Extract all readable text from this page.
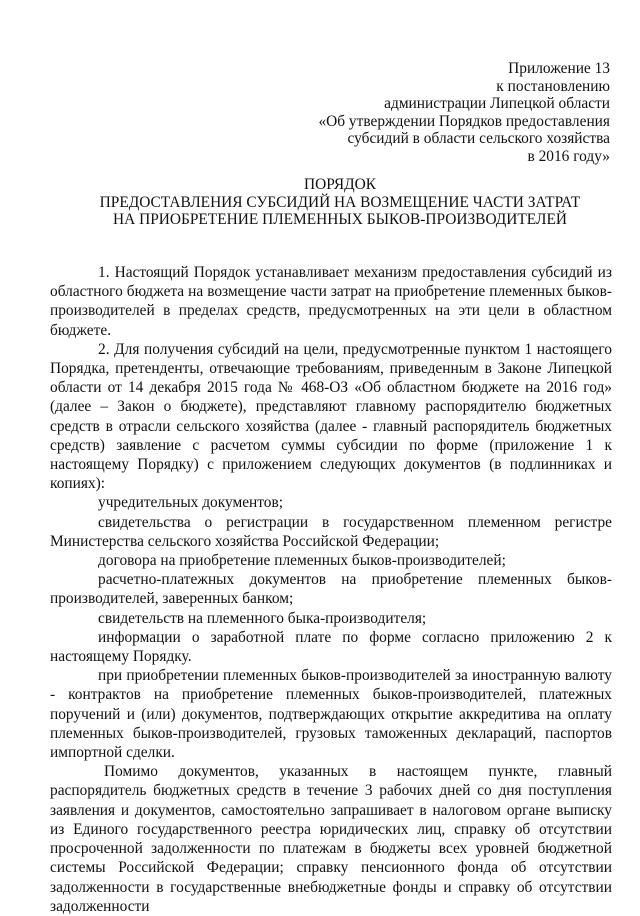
Приложение 13
к постановлению
администрации Липецкой области
«Об утверждении Порядков предоставления
субсидий в области сельского хозяйства
в 2016 году»
ПОРЯДОК
ПРЕДОСТАВЛЕНИЯ СУБСИДИЙ НА ВОЗМЕЩЕНИЕ ЧАСТИ ЗАТРАТ
НА ПРИОБРЕТЕНИЕ ПЛЕМЕННЫХ БЫКОВ-ПРОИЗВОДИТЕЛЕЙ

1. Настоящий Порядок устанавливает механизм предоставления субсидий из областного бюджета на возмещение части затрат на приобретение племенных быков-производителей в пределах средств, предусмотренных на эти цели в областном бюджете.

2. Для получения субсидий на цели, предусмотренные пунктом 1 настоящего Порядка, претенденты, отвечающие требованиям, приведенным в Законе Липецкой области от 14 декабря 2015 года № 468-ОЗ «Об областном бюджете на 2016 год» (далее – Закон о бюджете), представляют главному распорядителю бюджетных средств в отрасли сельского хозяйства (далее - главный распорядитель бюджетных средств) заявление с расчетом суммы субсидии по форме (приложение 1 к настоящему Порядку) с приложением следующих документов (в подлинниках и копиях):

учредительных документов;

свидетельства о регистрации в государственном племенном регистре Министерства сельского хозяйства Российской Федерации;

договора на приобретение племенных быков-производителей;

расчетно-платежных документов на приобретение племенных быков-производителей, заверенных банком;

свидетельств на племенного быка-производителя;

информации о заработной плате по форме согласно приложению 2 к настоящему Порядку.

при приобретении племенных быков-производителей за иностранную валюту - контрактов на приобретение племенных быков-производителей, платежных поручений и (или) документов, подтверждающих открытие аккредитива на оплату племенных быков-производителей, грузовых таможенных деклараций, паспортов импортной сделки.

Помимо документов, указанных в настоящем пункте, главный распорядитель бюджетных средств в течение 3 рабочих дней со дня поступления заявления и документов, самостоятельно запрашивает в налоговом органе выписку из Единого государственного реестра юридических лиц, справку об отсутствии просроченной задолженности по платежам в бюджеты всех уровней бюджетной системы Российской Федерации; справку пенсионного фонда об отсутствии задолженности в государственные внебюджетные фонды и справку об отсутствии задолженности
